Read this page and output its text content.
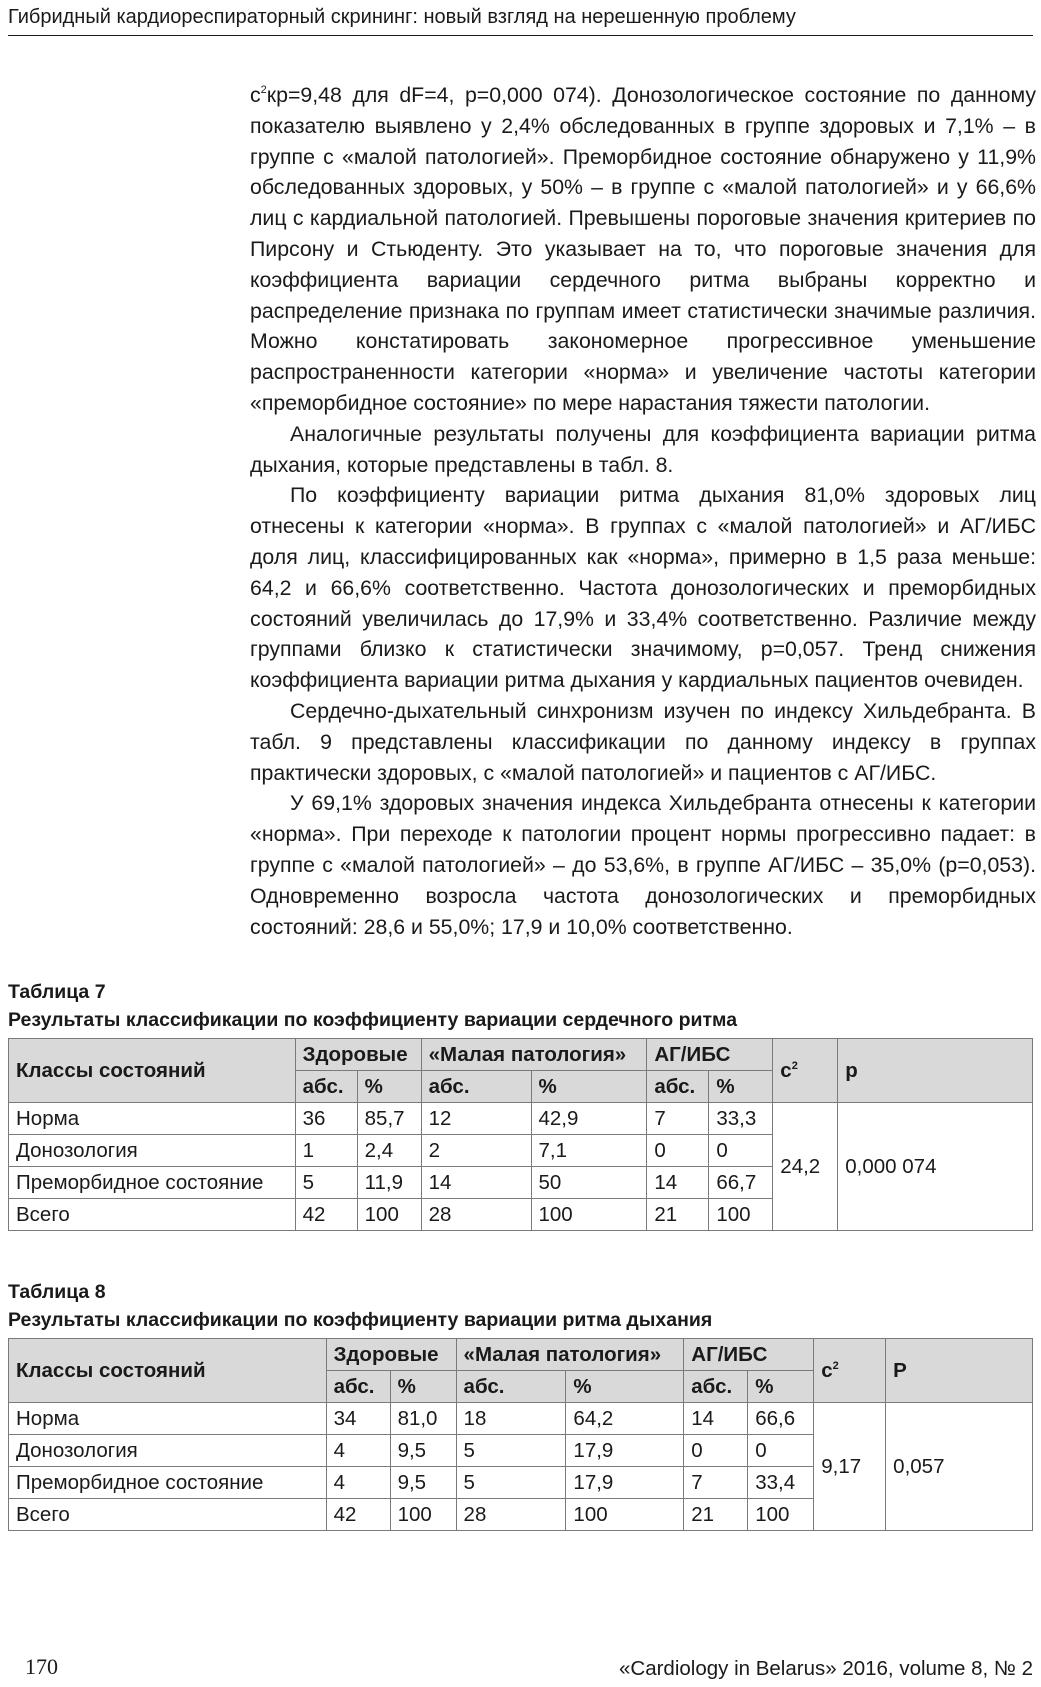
Гибридный кардиореспираторный скрининг: новый взгляд на нерешенную проблему

$c^2кр=9,48$ для dF=4, p=0,000 074). Донозологическое состояние по данному показателю выявлено у 2,4% обследованных в группе здоровых и 7,1% – в группе с «малой патологией». Преморбидное состояние обнаружено у 11,9% обследованных здоровых, у 50% – в группе с «малой патологией» и у 66,6% лиц с кардиальной патологией. Превышены пороговые значения критериев по Пирсону и Стьюденту. Это указывает на то, что пороговые значения для коэффициента вариации сердечного ритма выбраны корректно и распределение признака по группам имеет статистически значимые различия. Можно констатировать закономерное прогрессивное уменьшение распространенности категории «норма» и увеличение частоты категории «преморбидное состояние» по мере нарастания тяжести патологии.

Аналогичные результаты получены для коэффициента вариации ритма дыхания, которые представлены в табл. 8.

По коэффициенту вариации ритма дыхания 81,0% здоровых лиц отнесены к категории «норма». В группах с «малой патологией» и АГ/ИБС доля лиц, классифицированных как «норма», примерно в 1,5 раза меньше: 64,2 и 66,6% соответственно. Частота донозологических и преморбидных состояний увеличилась до 17,9% и 33,4% соответственно. Различие между группами близко к статистически значимому, p=0,057. Тренд снижения коэффициента вариации ритма дыхания у кардиальных пациентов очевиден.

Сердечно-дыхательный синхронизм изучен по индексу Хильдебранта. В табл. 9 представлены классификации по данному индексу в группах практически здоровых, с «малой патологией» и пациентов с АГ/ИБС.

У 69,1% здоровых значения индекса Хильдебранта отнесены к категории «норма». При переходе к патологии процент нормы прогрессивно падает: в группе с «малой патологией» – до 53,6%, в группе АГ/ИБС – 35,0% (p=0,053). Одновременно возросла частота донозологических и преморбидных состояний: 28,6 и 55,0%; 17,9 и 10,0% соответственно.

Таблица 7
Результаты классификации по коэффициенту вариации сердечного ритма
Классы состояний	Здоровые		«Малая патология»		АГ/ИБС		$c^2$	p
	абс.	%	абс.	%	абс.	%		
Норма	36	85,7	12	42,9	7	33,3	24,2	0,000 074
Донозология	1	2,4	2	7,1	0	0		
Преморбидное состояние	5	11,9	14	50	14	66,7		
Всего	42	100	28	100	21	100		
Таблица 8
Результаты классификации по коэффициенту вариации ритма дыхания
Классы состояний	Здоровые		«Малая патология»		АГ/ИБС		$c^2$	P
	абс.	%	абс.	%	абс.	%		
Норма	34	81,0	18	64,2	14	66,6	9,17	0,057
Донозология	4	9,5	5	17,9	0	0		
Преморбидное состояние	4	9,5	5	17,9	7	33,4		
Всего	42	100	28	100	21	100		
170	«Cardiology in Belarus» 2016, volume 8, № 2
